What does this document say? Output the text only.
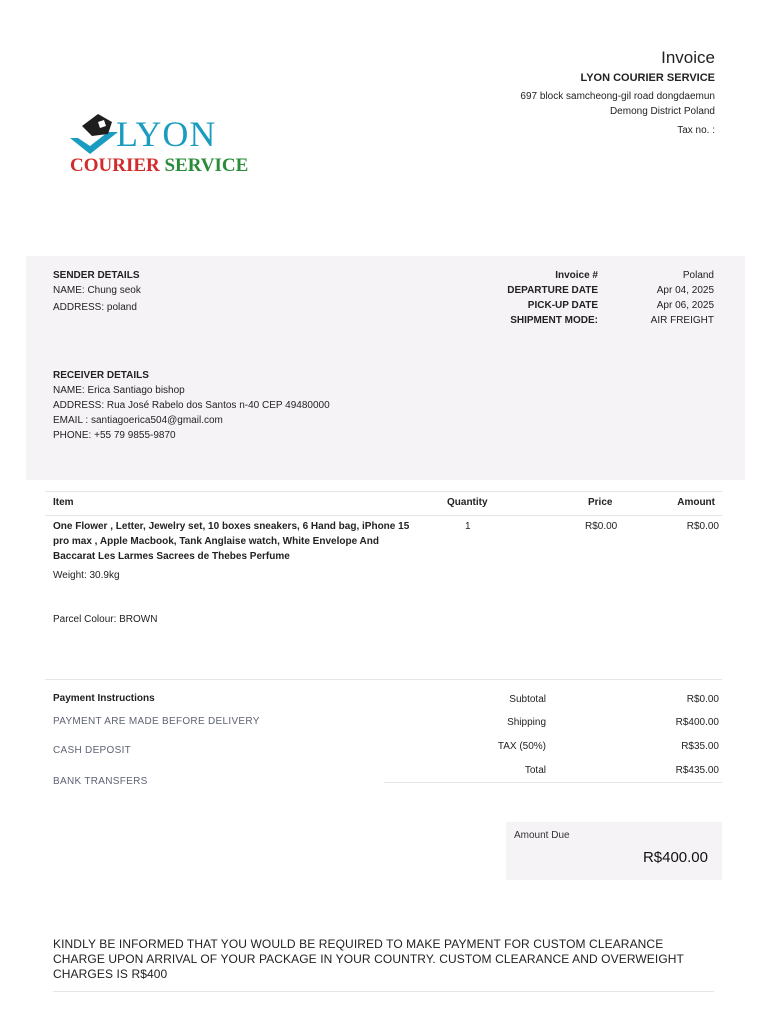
Invoice
LYON COURIER SERVICE
697 block samcheong-gil road dongdaemun
Demong District Poland
Tax no. :
LYON
COURIER SERVICE
SENDER DETAILS
NAME: Chung seok
ADDRESS: poland
Invoice #	Poland
DEPARTURE DATE	Apr 04, 2025
PICK-UP DATE	Apr 06, 2025
SHIPMENT MODE:	AIR FREIGHT
RECEIVER DETAILS
NAME: Erica Santiago bishop
ADDRESS: Rua José Rabelo dos Santos n-40 CEP 49480000
EMAIL : santiagoerica504@gmail.com
PHONE: +55 79 9855-9870
Item	Quantity	Price	Amount
One Flower , Letter, Jewelry set, 10 boxes sneakers, 6 Hand bag, iPhone 15 pro max , Apple Macbook, Tank Anglaise watch, White Envelope And Baccarat Les Larmes Sacrees de Thebes Perfume
1	R$0.00	R$0.00
Weight: 30.9kg
Parcel Colour: BROWN
Payment Instructions
PAYMENT ARE MADE BEFORE DELIVERY
CASH DEPOSIT
BANK TRANSFERS
Subtotal	R$0.00
Shipping	R$400.00
TAX (50%)	R$35.00
Total	R$435.00
Amount Due
R$400.00
KINDLY BE INFORMED THAT YOU WOULD BE REQUIRED TO MAKE PAYMENT FOR CUSTOM CLEARANCE CHARGE UPON ARRIVAL OF YOUR PACKAGE IN YOUR COUNTRY. CUSTOM CLEARANCE AND OVERWEIGHT CHARGES IS R$400
